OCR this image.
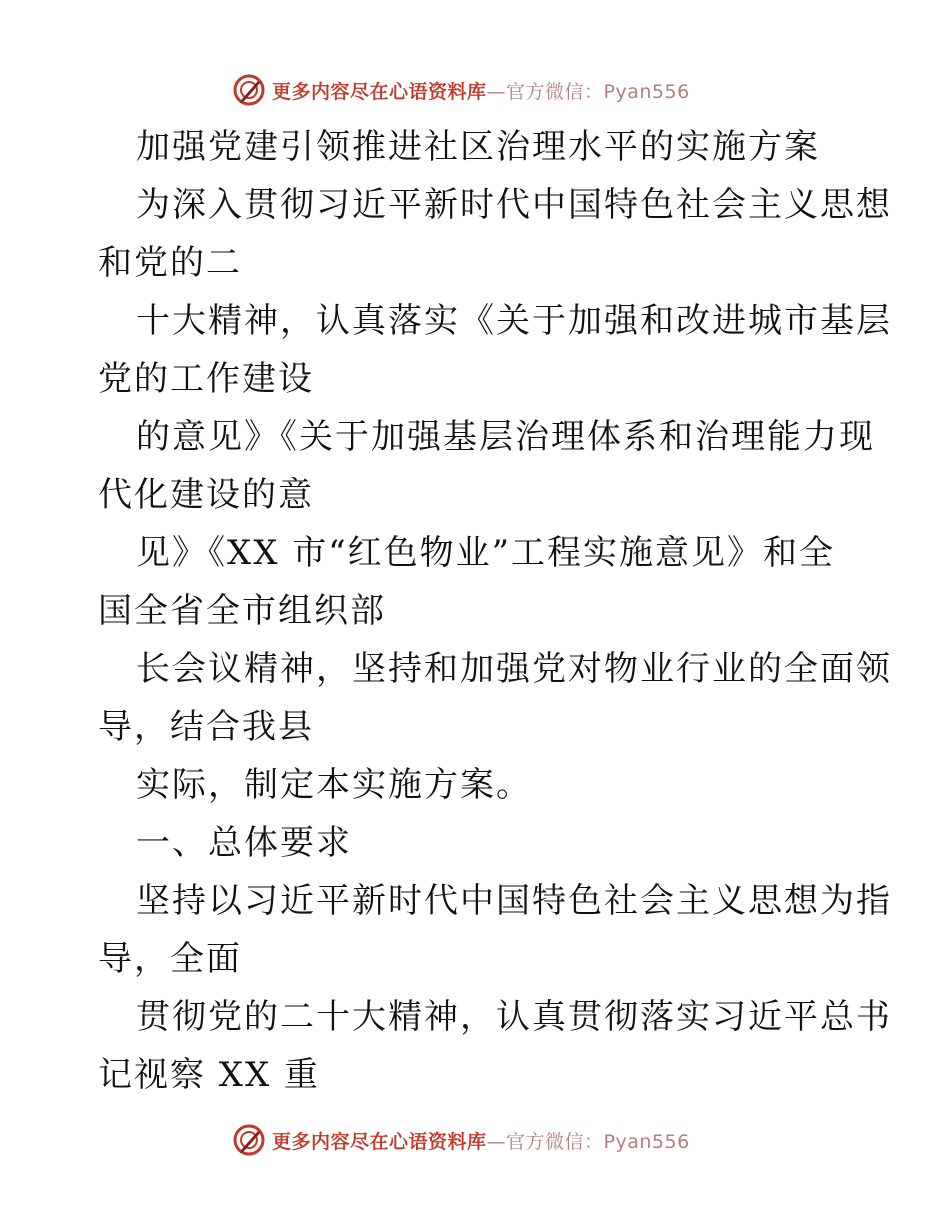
更多内容尽在心语资料库 —官方微信：Pyan556
加强党建引领推进社区治理水平的实施方案
为深入贯彻习近平新时代中国特色社会主义思想
和党的二
十大精神，认真落实《关于加强和改进城市基层
党的工作建设
的意见》《关于加强基层治理体系和治理能力现
代化建设的意
见》《XX 市“红色物业”工程实施意见》和全
国全省全市组织部
长会议精神，坚持和加强党对物业行业的全面领
导，结合我县
实际，制定本实施方案。
一、总体要求
坚持以习近平新时代中国特色社会主义思想为指
导，全面
贯彻党的二十大精神，认真贯彻落实习近平总书
记视察 XX 重
更多内容尽在心语资料库 —官方微信：Pyan556
